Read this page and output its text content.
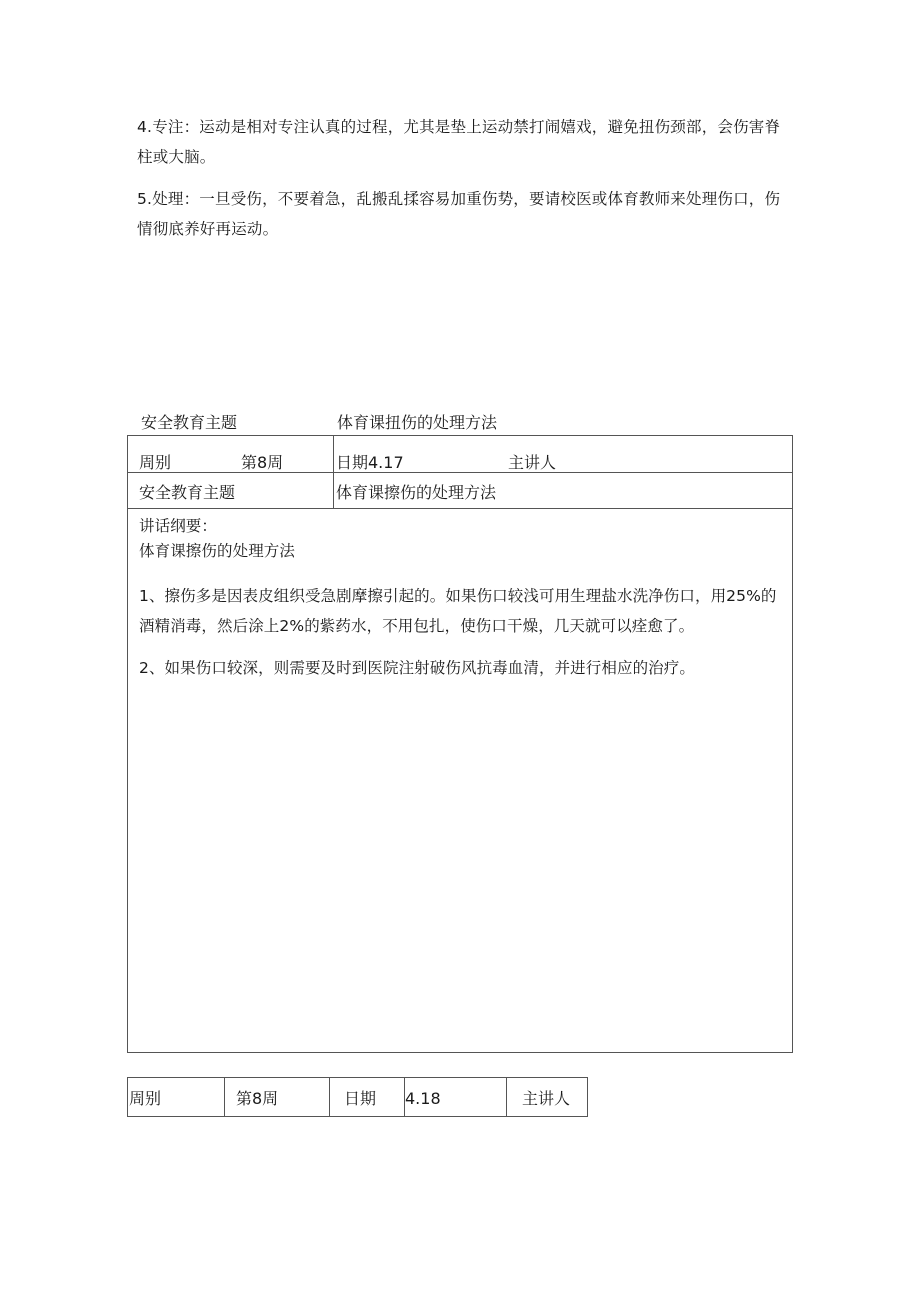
4.专注：运动是相对专注认真的过程，尤其是垫上运动禁打闹嬉戏，避免扭伤颈部，会伤害脊柱或大脑。
5.处理：一旦受伤，不要着急，乱搬乱揉容易加重伤势，要请校医或体育教师来处理伤口，伤情彻底养好再运动。
安全教育主题	体育课扭伤的处理方法
周别	第8周	日期4.17	主讲人
安全教育主题	体育课擦伤的处理方法
讲话纲要：
体育课擦伤的处理方法
1、擦伤多是因表皮组织受急剧摩擦引起的。如果伤口较浅可用生理盐水洗净伤口，用25%的酒精消毒，然后涂上2%的紫药水，不用包扎，使伤口干燥，几天就可以痊愈了。
2、如果伤口较深，则需要及时到医院注射破伤风抗毒血清，并进行相应的治疗。
周别	第8周	日期 4.18	主讲人
